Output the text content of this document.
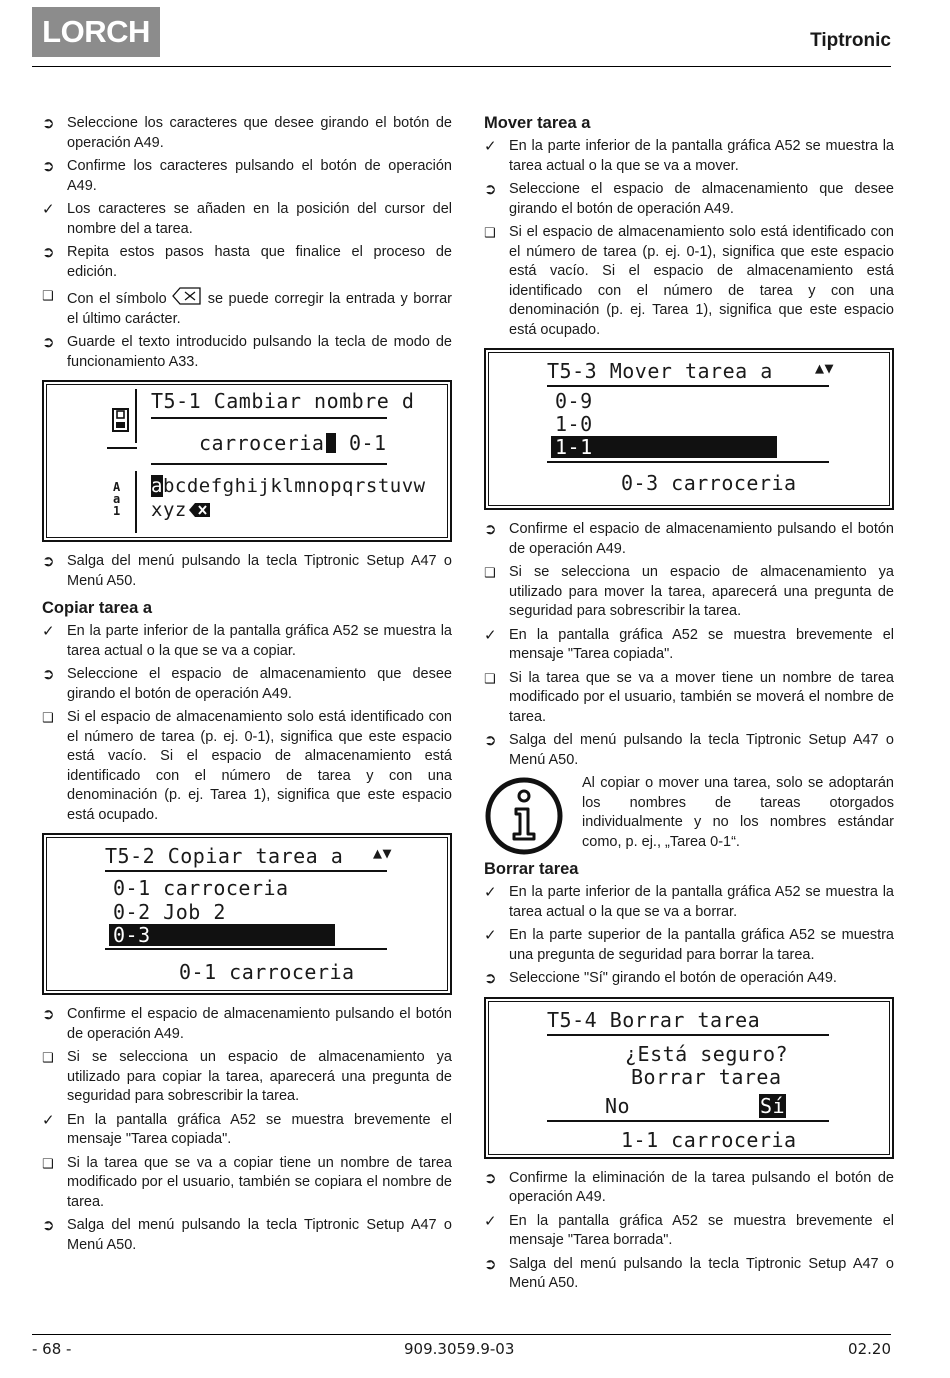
LORCH	Tiptronic
➲ Seleccione los caracteres que desee girando el botón de operación A49.
➲ Confirme los caracteres pulsando el botón de operación A49.
✓ Los caracteres se añaden en la posición del cursor del nombre del a tarea.
➲ Repita estos pasos hasta que finalice el proceso de edición.
❑ Con el símbolo	se puede corregir la entrada y borrar el último carácter.
➲ Guarde el texto introducido pulsando la tecla de modo de funcionamiento A33.
T5-1 Cambiar nombre d
carroceria 0-1
A
a
1
abcdefghijklmnopqrstuvw
xyz
➲ Salga del menú pulsando la tecla Tiptronic Setup A47 o Menú A50.
Copiar tarea a
✓ En la parte inferior de la pantalla gráfica A52 se muestra la tarea actual o la que se va a copiar.
➲ Seleccione el espacio de almacenamiento que desee girando el botón de operación A49.
❑ Si el espacio de almacenamiento solo está identificado con el número de tarea (p. ej. 0-1), significa que este espacio está vacío. Si el espacio de almacenamiento está identificado con el número de tarea y con una denominación (p. ej. Tarea 1), significa que este espacio está ocupado.
T5-2 Copiar tarea a ▲▼
0-1 carroceria
0-2 Job 2
0-3
0-1 carroceria
➲ Confirme el espacio de almacenamiento pulsando el botón de operación A49.
❑ Si se selecciona un espacio de almacenamiento ya utilizado para copiar la tarea, aparecerá una pregunta de seguridad para sobrescribir la tarea.
✓ En la pantalla gráfica A52 se muestra brevemente el mensaje "Tarea copiada".
❑ Si la tarea que se va a copiar tiene un nombre de tarea modificado por el usuario, también se copiara el nombre de tarea.
➲ Salga del menú pulsando la tecla Tiptronic Setup A47 o Menú A50.
Mover tarea a
✓ En la parte inferior de la pantalla gráfica A52 se muestra la tarea actual o la que se va a mover.
➲ Seleccione el espacio de almacenamiento que desee girando el botón de operación A49.
❑ Si el espacio de almacenamiento solo está identificado con el número de tarea (p. ej. 0-1), significa que este espacio está vacío. Si el espacio de almacenamiento está identificado con el número de tarea y con una denominación (p. ej. Tarea 1), significa que este espacio está ocupado.
T5-3 Mover tarea a	▲▼
0-9
1-0
1-1
0-3 carroceria
➲ Confirme el espacio de almacenamiento pulsando el botón de operación A49.
❑ Si se selecciona un espacio de almacenamiento ya utilizado para mover la tarea, aparecerá una pregunta de seguridad para sobrescribir la tarea.
✓ En la pantalla gráfica A52 se muestra brevemente el mensaje "Tarea copiada".
❑ Si la tarea que se va a mover tiene un nombre de tarea modificado por el usuario, también se moverá el nombre de tarea.
➲ Salga del menú pulsando la tecla Tiptronic Setup A47 o Menú A50.
Al copiar o mover una tarea, solo se adoptarán los nombres de tareas otorgados individualmente y no los nombres estándar como, p. ej., „Tarea 0-1“.
Borrar tarea
✓ En la parte inferior de la pantalla gráfica A52 se muestra la tarea actual o la que se va a borrar.
✓ En la parte superior de la pantalla gráfica A52 se muestra una pregunta de seguridad para borrar la tarea.
➲ Seleccione "Sí" girando el botón de operación A49.
T5-4 Borrar tarea
¿Está seguro?
Borrar tarea
No	Sí
1-1 carroceria
➲ Confirme la eliminación de la tarea pulsando el botón de operación A49.
✓ En la pantalla gráfica A52 se muestra brevemente el mensaje "Tarea borrada".
➲ Salga del menú pulsando la tecla Tiptronic Setup A47 o Menú A50.
- 68 -	909.3059.9-03	02.20
